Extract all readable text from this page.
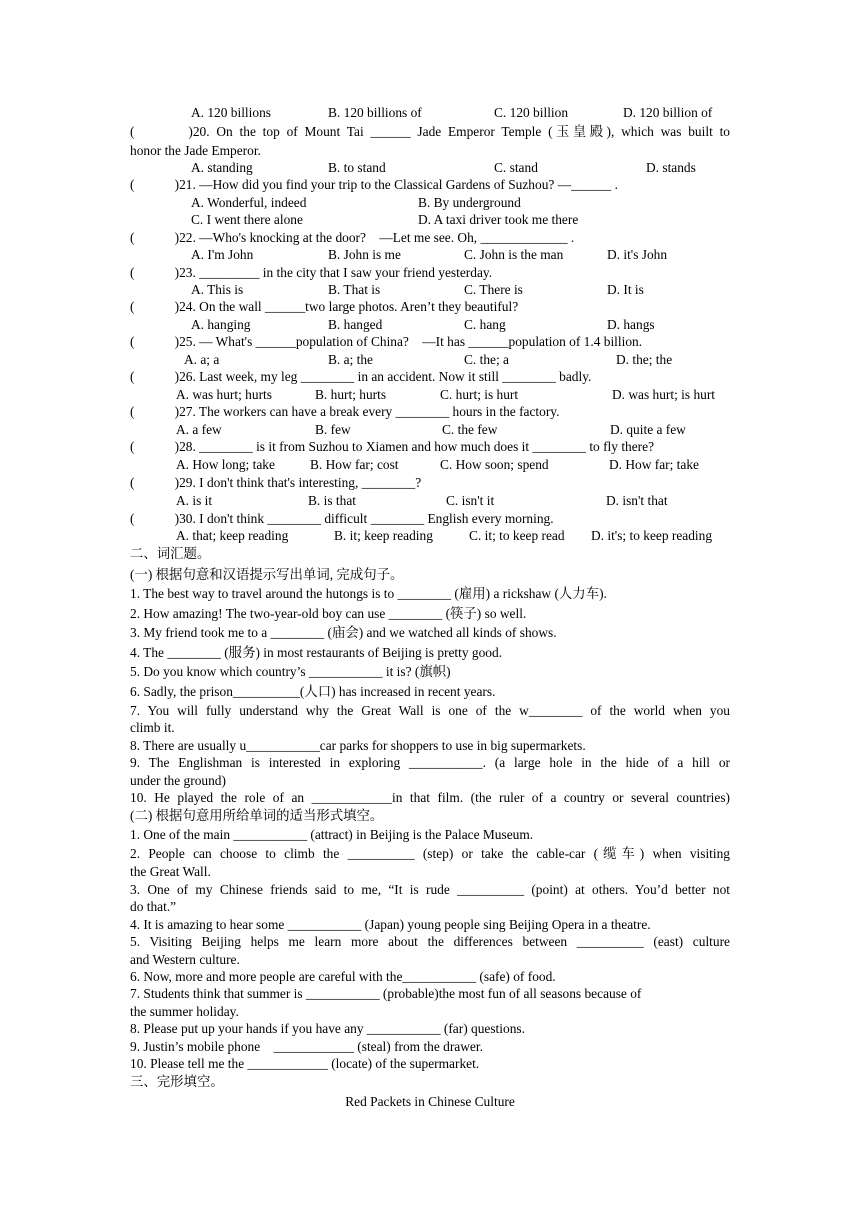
A. 120 billions	B. 120 billions of	C. 120 billion	D. 120 billion of
(　　　)20. On the top of Mount Tai ______ Jade Emperor Temple (玉皇殿), which was built to
honor the Jade Emperor.
A. standing	B. to stand	C. stand	D. stands
(　　　)21. —How did you find your trip to the Classical Gardens of Suzhou? —______ .
A. Wonderful, indeed	B. By underground
C. I went there alone	D. A taxi driver took me there
(　　　)22. —Who's knocking at the door?　—Let me see. Oh, _____________ .
A. I'm John	B. John is me	C. John is the man	D. it's John
(　　　)23. _________ in the city that I saw your friend yesterday.
A. This is	B. That is	C. There is	D. It is
(　　　)24. On the wall ______two large photos. Aren’t they beautiful?
A. hanging	B. hanged	C. hang	D. hangs
(　　　)25. — What's ______population of China?　—It has ______population of 1.4 billion.
A. a; a	B. a; the	C. the; a	D. the; the
(　　　)26. Last week, my leg ________ in an accident. Now it still ________ badly.
A. was hurt; hurts	B. hurt; hurts	C. hurt; is hurt	D. was hurt; is hurt
(　　　)27. The workers can have a break every ________ hours in the factory.
A. a few	B. few	C. the few	D. quite a few
(　　　)28. ________ is it from Suzhou to Xiamen and how much does it ________ to fly there?
A. How long; take	B. How far; cost	C. How soon; spend	D. How far; take
(　　　)29. I don't think that's interesting, ________?
A. is it	B. is that	C. isn't it	D. isn't that
(　　　)30. I don't think ________ difficult ________ English every morning.
A. that; keep reading	B. it; keep reading	C. it; to keep read D. it's; to keep reading
二、词汇题。
(一) 根据句意和汉语提示写出单词, 完成句子。
1. The best way to travel around the hutongs is to ________ (雇用) a rickshaw (人力车).
2. How amazing! The two-year-old boy can use ________ (筷子) so well.
3. My friend took me to a ________ (庙会) and we watched all kinds of shows.
4. The ________ (服务) in most restaurants of Beijing is pretty good.
5. Do you know which country’s ___________ it is? (旗帜)
6. Sadly, the prison__________(人口) has increased in recent years.
7. You will fully understand why the Great Wall is one of the w________ of the world when you
climb it.
8. There are usually u___________car parks for shoppers to use in big supermarkets.
9. The Englishman is interested in exploring ___________. (a large hole in the hide of a hill or
under the ground)
10. He played the role of an ____________in that film. (the ruler of a country or several countries)
(二) 根据句意用所给单词的适当形式填空。
1. One of the main ___________ (attract) in Beijing is the Palace Museum.
2. People can choose to climb the __________ (step) or take the cable-car (缆车) when visiting
the Great Wall.
3. One of my Chinese friends said to me, “It is rude __________ (point) at others. You’d better not
do that.”
4. It is amazing to hear some ___________ (Japan) young people sing Beijing Opera in a theatre.
5. Visiting Beijing helps me learn more about the differences between __________ (east) culture
and Western culture.
6. Now, more and more people are careful with the___________ (safe) of food.
7. Students think that summer is ___________ (probable)the most fun of all seasons because of
the summer holiday.
8. Please put up your hands if you have any ___________ (far) questions.
9. Justin’s mobile phone　____________ (steal) from the drawer.
10. Please tell me the ____________ (locate) of the supermarket.
三、完形填空。
Red Packets in Chinese Culture
